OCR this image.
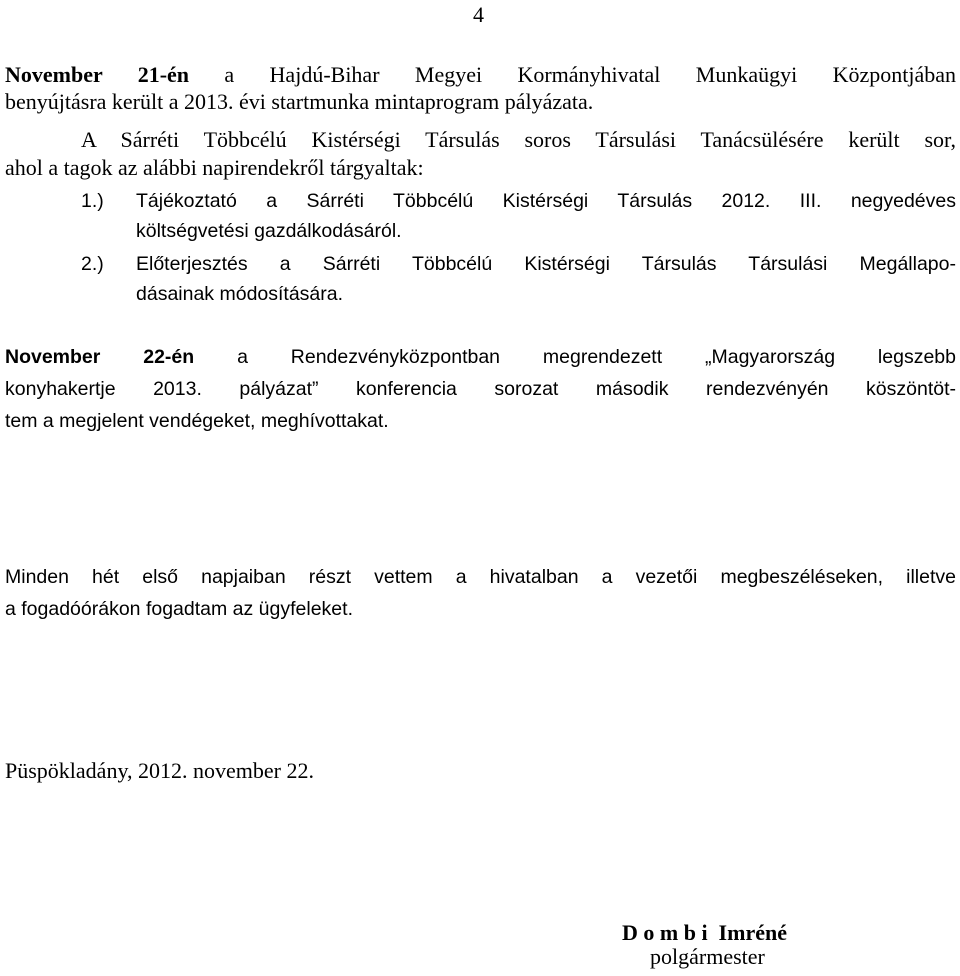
4
November 21-én a Hajdú-Bihar Megyei Kormányhivatal Munkaügyi Központjában
benyújtásra került a 2013. évi startmunka mintaprogram pályázata.
A Sárréti Többcélú Kistérségi Társulás soros Társulási Tanácsülésére került sor,
ahol a tagok az alábbi napirendekről tárgyaltak:
1.) Tájékoztató a Sárréti Többcélú Kistérségi Társulás 2012. III. negyedéves
költségvetési gazdálkodásáról.
2.) Előterjesztés a Sárréti Többcélú Kistérségi Társulás Társulási Megállapo-
dásainak módosítására.
November 22-én a Rendezvényközpontban megrendezett „Magyarország legszebb
konyhakertje 2013. pályázat” konferencia sorozat második rendezvényén köszöntöt-
tem a megjelent vendégeket, meghívottakat.
Minden hét első napjaiban részt vettem a hivatalban a vezetői megbeszéléseken, illetve
a fogadóórákon fogadtam az ügyfeleket.
Püspökladány, 2012. november 22.
D o m b i  Imréné
polgármester
